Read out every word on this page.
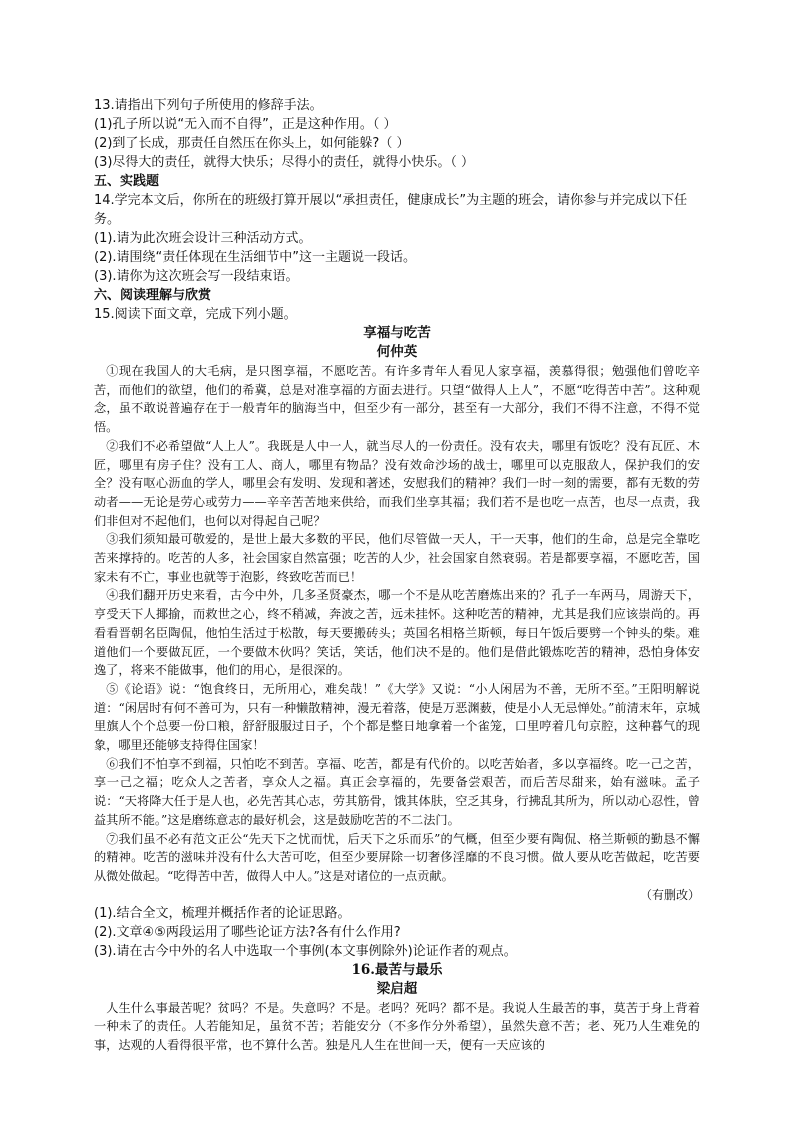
13.请指出下列句子所使用的修辞手法。
(1)孔子所以说“无入而不自得”，正是这种作用。（ ）
(2)到了长成，那责任自然压在你头上，如何能躲?（ ）
(3)尽得大的责任，就得大快乐；尽得小的责任，就得小快乐。（ ）
五、实践题
14.学完本文后，你所在的班级打算开展以“承担责任，健康成长”为主题的班会，请你参与并完成以下任务。
(1).请为此次班会设计三种活动方式。
(2).请围绕“责任体现在生活细节中”这一主题说一段话。
(3).请你为这次班会写一段结束语。
六、阅读理解与欣赏
15.阅读下面文章，完成下列小题。
享福与吃苦
何仲英

①现在我国人的大毛病，是只图享福，不愿吃苦。有许多青年人看见人家享福，羡慕得很；勉强他们曾吃辛苦，而他们的欲望，他们的希冀，总是对准享福的方面去进行。只望“做得人上人”，不愿“吃得苦中苦”。这种观念，虽不敢说普遍存在于一般青年的脑海当中，但至少有一部分，甚至有一大部分，我们不得不注意，不得不觉悟。

②我们不必希望做“人上人”。我既是人中一人，就当尽人的一份责任。没有农夫，哪里有饭吃？没有瓦匠、木匠，哪里有房子住？没有工人、商人，哪里有物品？没有效命沙场的战士，哪里可以克服敌人，保护我们的安全？没有呕心沥血的学人，哪里会有发明、发现和著述，安慰我们的精神？我们一时一刻的需要，都有无数的劳动者——无论是劳心或劳力——辛辛苦苦地来供给，而我们坐享其福；我们若不是也吃一点苦，也尽一点责，我们非但对不起他们，也何以对得起自己呢？

③我们须知最可敬爱的，是世上最大多数的平民，他们尽管做一天人，干一天事，他们的生命，总是完全靠吃苦来撑持的。吃苦的人多，社会国家自然富强；吃苦的人少，社会国家自然衰弱。若是都要享福，不愿吃苦，国家未有不亡，事业也就等于泡影，终致吃苦而已！

④我们翻开历史来看，古今中外，几多圣贤豪杰，哪一个不是从吃苦磨炼出来的？孔子一车两马，周游天下，亨受天下人揶揄，而救世之心，终不稍减，奔波之苦，远未挂怀。这种吃苦的精神，尤其是我们应该崇尚的。再看看晋朝名臣陶侃，他怕生活过于松散，每天要搬砖头；英国名相格兰斯顿，每日午饭后要劈一个钟头的柴。难道他们一个要做瓦匠，一个要做木伙吗？笑话，笑话，他们决不是的。他们是借此锻炼吃苦的精神，恐怕身体安逸了，将来不能做事，他们的用心，是很深的。

⑤《论语》说：“饱食终日，无所用心，难矣哉！”《大学》又说：“小人闲居为不善，无所不至。”王阳明解说道：“闲居时有何不善可为，只有一种懒散精神，漫无着落，使是万恶渊薮，使是小人无忌惮处。”前清末年，京城里旗人个个总要一份口粮，舒舒服服过日子，个个都是整日地拿着一个雀笼，口里哼着几句京腔，这种暮气的现象，哪里还能够支持得住国家！

⑥我们不怕享不到福，只怕吃不到苦。享福、吃苦，都是有代价的。以吃苦始者，多以享福终。吃一己之苦，享一己之福；吃众人之苦者，享众人之福。真正会享福的，先要备尝艰苦，而后苦尽甜来，始有滋味。孟子说：“天将降大任于是人也，必先苦其心志，劳其筋骨，饿其体肤，空乏其身，行拂乱其所为，所以动心忍性，曾益其所不能。”这是磨练意志的最好机会，这是鼓励吃苦的不二法门。

⑦我们虽不必有范文正公“先天下之忧而忧，后天下之乐而乐”的气概，但至少要有陶侃、格兰斯顿的勤恳不懈的精神。吃苦的滋味并没有什么大苦可吃，但至少要屏除一切奢侈淫靡的不良习惯。做人要从吃苦做起，吃苦要从微处做起。“吃得苦中苦，做得人中人。”这是对诸位的一点贡献。

（有删改）
(1).结合全文，梳理并概括作者的论证思路。
(2).文章④⑤两段运用了哪些论证方法?各有什么作用?
(3).请在古今中外的名人中选取一个事例(本文事例除外)论证作者的观点。
16.最苦与最乐
梁启超

人生什么事最苦呢？贫吗？不是。失意吗？不是。老吗？死吗？都不是。我说人生最苦的事，莫苦于身上背着一种未了的责任。人若能知足，虽贫不苦；若能安分（不多作分外希望），虽然失意不苦；老、死乃人生难免的事，达观的人看得很平常，也不算什么苦。独是凡人生在世间一天，便有一天应该的
